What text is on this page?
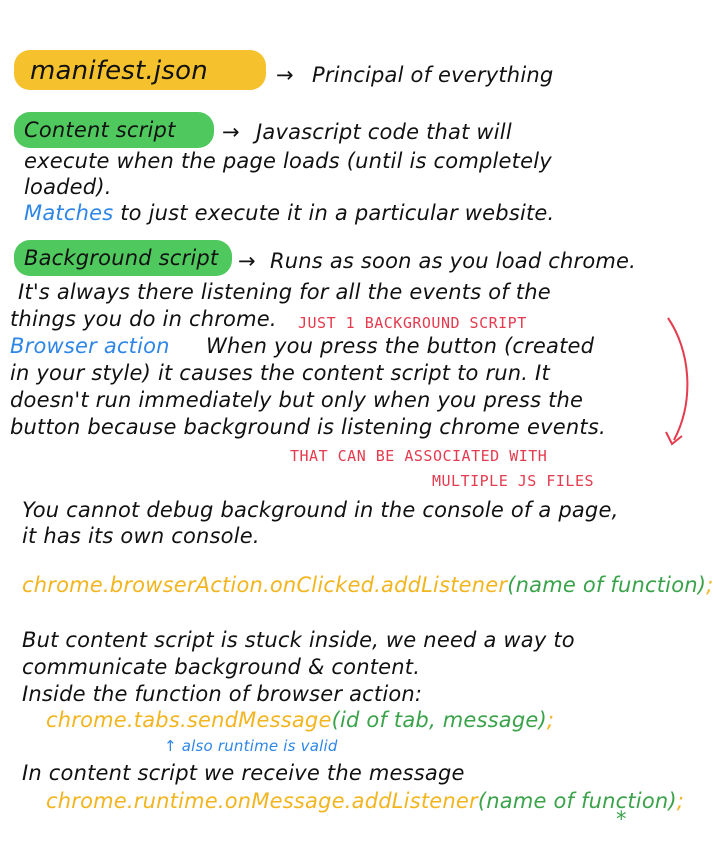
manifest.json	→ Principal of everything
Content script → Javascript code that will
execute when the page loads (until is completely
loaded).
Matches to just execute it in a particular website.
Background script → Runs as soon as you load chrome.
It's always there listening for all the events of the
things you do in chrome. JUST 1 BACKGROUND SCRIPT
Browser action When you press the button (created
in your style) it causes the content script to run. It
doesn't run immediately but only when you press the
button because background is listening chrome events.
THAT CAN BE ASSOCIATED WITH
MULTIPLE JS FILES
You cannot debug background in the console of a page,
it has its own console.
chrome.browserAction.onClicked.addListener(name of function);
But content script is stuck inside, we need a way to
communicate background & content.
Inside the function of browser action:
chrome.tabs.sendMessage(id of tab, message);
↑ also runtime is valid
In content script we receive the message
chrome.runtime.onMessage.addListener(name of function);
*
